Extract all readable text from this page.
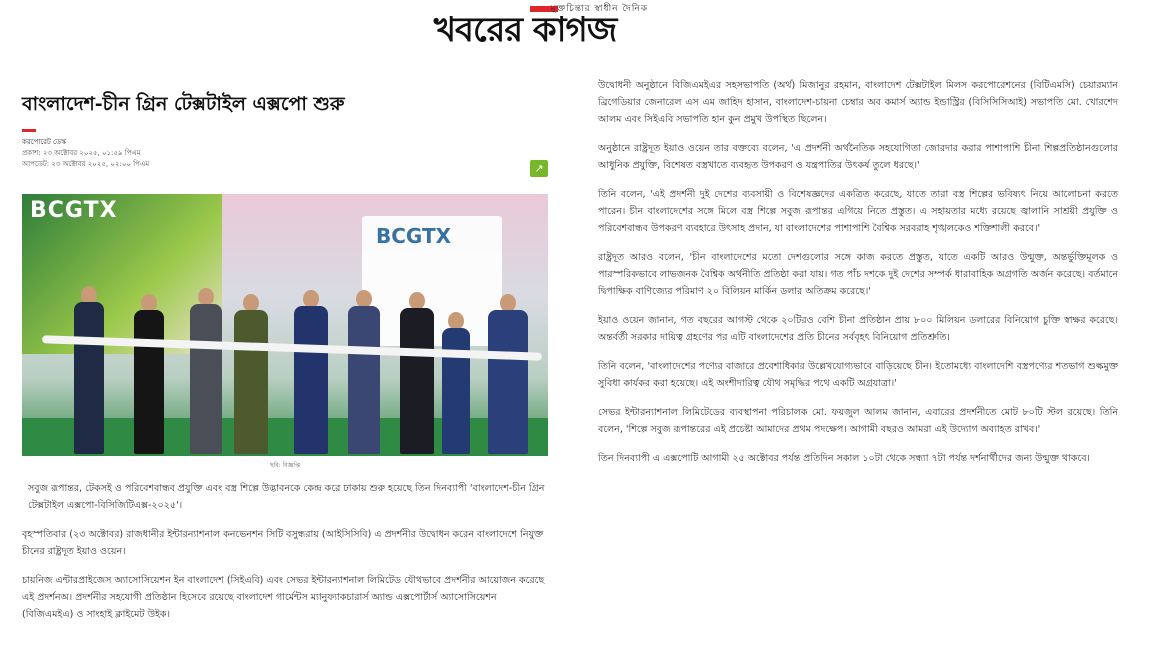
মুক্তচিন্তার স্বাধীন দৈনিক
খবরের কাগজ
বাংলাদেশ-চীন গ্রিন টেক্সটাইল এক্সপো শুরু
করপোরেট ডেস্ক
প্রকাশ: ২৩ অক্টোবর ২০২৫, ০১:৫৯ পিএম
আপডেট: ২৩ অক্টোবর ২০২৫, ০২:০০ পিএম	↗
BCGTX
BCGTX
ছবি: বিজ্ঞপ্তি

সবুজ রূপান্তর, টেকসই ও পরিবেশবান্ধব প্রযুক্তি এবং বস্ত্র শিল্পে উদ্ভাবনকে কেন্দ্র করে ঢাকায় শুরু হয়েছে তিন দিনব্যাপী 'বাংলাদেশ-চীন গ্রিন টেক্সটাইল এক্সপো-বিসিজিটিএক্স-২০২৫'।

বৃহস্পতিবার (২৩ অক্টোবর) রাজধানীর ইন্টারন্যাশনাল কনভেনশন সিটি বসুন্ধরায় (আইসিসিবি) এ প্রদর্শনীর উদ্বোধন করেন বাংলাদেশে নিযুক্ত চীনের রাষ্ট্রদূত ইয়াও ওয়েন।

চায়নিজ এন্টারপ্রাইজেস অ্যাসোসিয়েশন ইন বাংলাদেশ (সিইএবি) এবং সেভর ইন্টারন্যাশনাল লিমিটেড যৌথভাবে প্রদর্শনীর আয়োজন করেছে এই প্রদর্শনঅ। প্রদর্শনীর সহযোগী প্রতিষ্ঠান হিসেবে রয়েছে বাংলাদেশ গার্মেন্টস ম্যানুফ্যাকচারার্স অ্যান্ড এক্সপোর্টার্স অ্যাসোসিয়েশন (বিজিএমইএ) ও সাংহাই ক্লাইমেট উইক।

উদ্বোধনী অনুষ্ঠানে বিজিএমইএর সহসভাপতি (অর্থ) মিজানুর রহমান, বাংলাদেশ টেক্সটাইল মিলস করপোরেশনের (বিটিএমসি) চেয়ারম্যান ব্রিগেডিয়ার জেনারেল এস এম জাহিদ হাসান, বাংলাদেশ-চায়না চেম্বার অব কমার্স অ্যান্ড ইন্ডাস্ট্রির (বিসিসিসিআই) সভাপতি মো. খোরশেদ আলম এবং সিইএবি সভাপতি হান কুন প্রমুখ উপস্থিত ছিলেন।

অনুষ্ঠানে রাষ্ট্রদূত ইয়াও ওয়েন তার বক্তব্যে বলেন, 'এ প্রদর্শনী অর্থনৈতিক সহযোগিতা জোরদার করার পাশাপাশি চীনা শিল্পপ্রতিষ্ঠানগুলোর আধুনিক প্রযুক্তি, বিশেষত বস্ত্রখাতে ব্যবহৃত উপকরণ ও যন্ত্রপাতির উৎকর্ষ তুলে ধরছে।'

তিনি বলেন, 'এই প্রদর্শনী দুই দেশের ব্যবসায়ী ও বিশেষজ্ঞদের একত্রিত করেছে, যাতে তারা বস্ত্র শিল্পের ভবিষ্যৎ নিয়ে আলোচনা করতে পারেন। চীন বাংলাদেশের সঙ্গে মিলে বস্ত্র শিল্পে সবুজ রূপান্তর এগিয়ে নিতে প্রস্তুত। এ সহায়তার মধ্যে রয়েছে জ্বালানি সাশ্রয়ী প্রযুক্তি ও পরিবেশবান্ধব উপকরণ ব্যবহারে উৎসাহ প্রদান, যা বাংলাদেশের পাশাপাশি বৈশ্বিক সরবরাহ শৃঙ্খলকেও শক্তিশালী করবে।'

রাষ্ট্রদূত আরও বলেন, 'চীন বাংলাদেশের মতো দেশগুলোর সঙ্গে কাজ করতে প্রস্তুত, যাতে একটি আরও উন্মুক্ত, অন্তর্ভুক্তিমূলক ও পারস্পরিকভাবে লাভজনক বৈশ্বিক অর্থনীতি প্রতিষ্ঠা করা যায়। গত পাঁচ দশকে দুই দেশের সম্পর্ক ধারাবাহিক অগ্রগতি অর্জন করেছে। বর্তমানে দ্বিপাক্ষিক বাণিজ্যের পরিমাণ ২০ বিলিয়ন মার্কিন ডলার অতিক্রম করেছে।'

ইয়াও ওয়েন জানান, গত বছরের আগস্ট থেকে ২০টিরও বেশি চীনা প্রতিষ্ঠান প্রায় ৮০০ মিলিয়ন ডলারের বিনিয়োগ চুক্তি স্বাক্ষর করেছে। অন্তর্বর্তী সরকার দায়িত্ব গ্রহণের পর এটি বাংলাদেশের প্রতি চীনের সর্ববৃহৎ বিনিয়োগ প্রতিশ্রুতি।

তিনি বলেন, 'বাংলাদেশের পণ্যের বাজারে প্রবেশাধিকার উল্লেখযোগ্যভাবে বাড়িয়েছে চীন। ইতোমধ্যে বাংলাদেশি বস্ত্রপণ্যের শতভাগ শুল্কমুক্ত সুবিধা কার্যকর করা হয়েছে। এই অংশীদারিত্ব যৌথ সমৃদ্ধির পথে একটি অগ্রযাত্রা।'

সেভর ইন্টারন্যাশনাল লিমিটেডের ব্যবস্থাপনা পরিচালক মো. ফয়জুল আলম জানান, এবারের প্রদর্শনীতে মোট ৮০টি স্টল রয়েছে। তিনি বলেন, 'শিল্পে সবুজ রূপান্তরের এই প্রচেষ্টা আমাদের প্রথম পদক্ষেপ। আগামী বছরও আমরা এই উদ্যোগ অব্যাহত রাখব।'

তিন দিনব্যাপী এ এক্সপোটি আগামী ২৫ অক্টোবর পর্যন্ত প্রতিদিন সকাল ১০টা থেকে সন্ধ্যা ৭টা পর্যন্ত দর্শনার্থীদের জন্য উন্মুক্ত থাকবে।
